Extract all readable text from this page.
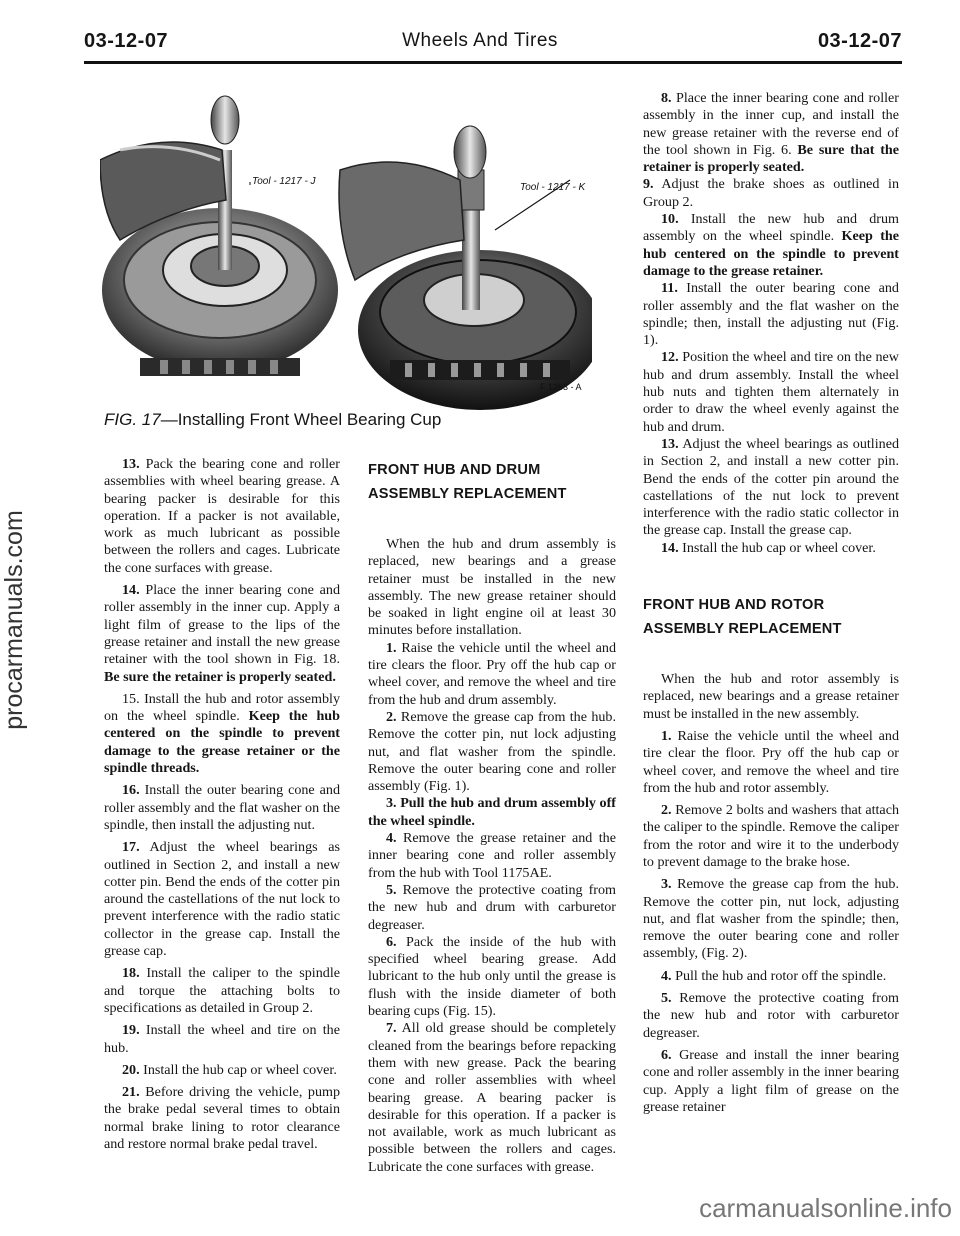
03-12-07	Wheels And Tires	03-12-07
procarmanuals.com
Tool - 1217 - J
Tool - 1217 - K
F 1263 - A
FIG. 17—Installing Front Wheel Bearing Cup

13. Pack the bearing cone and roller assemblies with wheel bearing grease. A bearing packer is desirable for this operation. If a packer is not available, work as much lubricant as possible between the rollers and cages. Lubricate the cone surfaces with grease.

14. Place the inner bearing cone and roller assembly in the inner cup. Apply a light film of grease to the lips of the grease retainer and install the new grease retainer with the tool shown in Fig. 18. Be sure the retainer is properly seated.

15. Install the hub and rotor assembly on the wheel spindle. Keep the hub centered on the spindle to prevent damage to the grease retainer or the spindle threads.

16. Install the outer bearing cone and roller assembly and the flat washer on the spindle, then install the adjusting nut.

17. Adjust the wheel bearings as outlined in Section 2, and install a new cotter pin. Bend the ends of the cotter pin around the castellations of the nut lock to prevent interference with the radio static collector in the grease cap. Install the grease cap.

18. Install the caliper to the spindle and torque the attaching bolts to specifications as detailed in Group 2.

19. Install the wheel and tire on the hub.

20. Install the hub cap or wheel cover.

21. Before driving the vehicle, pump the brake pedal several times to obtain normal brake lining to rotor clearance and restore normal brake pedal travel.

FRONT HUB AND DRUM
ASSEMBLY REPLACEMENT

When the hub and drum assembly is replaced, new bearings and a grease retainer must be installed in the new assembly. The new grease retainer should be soaked in light engine oil at least 30 minutes before installation.

1. Raise the vehicle until the wheel and tire clears the floor. Pry off the hub cap or wheel cover, and remove the wheel and tire from the hub and drum assembly.

2. Remove the grease cap from the hub. Remove the cotter pin, nut lock adjusting nut, and flat washer from the spindle. Remove the outer bearing cone and roller assembly (Fig. 1).

3. Pull the hub and drum assembly off the wheel spindle.

4. Remove the grease retainer and the inner bearing cone and roller assembly from the hub with Tool 1175AE.

5. Remove the protective coating from the new hub and drum with carburetor degreaser.

6. Pack the inside of the hub with specified wheel bearing grease. Add lubricant to the hub only until the grease is flush with the inside diameter of both bearing cups (Fig. 15).

7. All old grease should be completely cleaned from the bearings before repacking them with new grease. Pack the bearing cone and roller assemblies with wheel bearing grease. A bearing packer is desirable for this operation. If a packer is not available, work as much lubricant as possible between the rollers and cages. Lubricate the cone surfaces with grease.

8. Place the inner bearing cone and roller assembly in the inner cup, and install the new grease retainer with the reverse end of the tool shown in Fig. 6. Be sure that the retainer is properly seated.

9. Adjust the brake shoes as outlined in Group 2.

10. Install the new hub and drum assembly on the wheel spindle. Keep the hub centered on the spindle to prevent damage to the grease retainer.

11. Install the outer bearing cone and roller assembly and the flat washer on the spindle; then, install the adjusting nut (Fig. 1).

12. Position the wheel and tire on the new hub and drum assembly. Install the wheel hub nuts and tighten them alternately in order to draw the wheel evenly against the hub and drum.

13. Adjust the wheel bearings as outlined in Section 2, and install a new cotter pin. Bend the ends of the cotter pin around the castellations of the nut lock to prevent interference with the radio static collector in the grease cap. Install the grease cap.

14. Install the hub cap or wheel cover.

FRONT HUB AND ROTOR
ASSEMBLY REPLACEMENT

When the hub and rotor assembly is replaced, new bearings and a grease retainer must be installed in the new assembly.

1. Raise the vehicle until the wheel and tire clear the floor. Pry off the hub cap or wheel cover, and remove the wheel and tire from the hub and rotor assembly.

2. Remove 2 bolts and washers that attach the caliper to the spindle. Remove the caliper from the rotor and wire it to the underbody to prevent damage to the brake hose.

3. Remove the grease cap from the hub. Remove the cotter pin, nut lock, adjusting nut, and flat washer from the spindle; then, remove the outer bearing cone and roller assembly, (Fig. 2).

4. Pull the hub and rotor off the spindle.

5. Remove the protective coating from the new hub and rotor with carburetor degreaser.

6. Grease and install the inner bearing cone and roller assembly in the inner bearing cup. Apply a light film of grease on the grease retainer

carmanualsonline.info
